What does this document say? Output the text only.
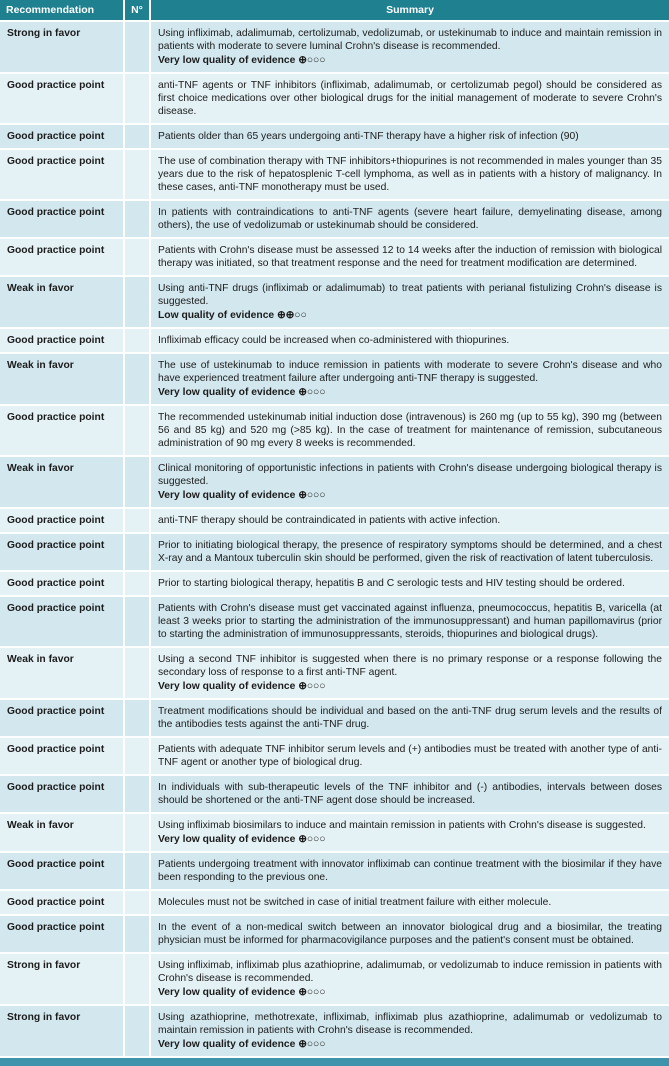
Recommendation	N°	Summary
Strong in favor		Using infliximab, adalimumab, certolizumab, vedolizumab, or ustekinumab to induce and maintain remission in patients with moderate to severe luminal Crohn's disease is recommended.
Very low quality of evidence ⊕○○○

Good practice point		anti-TNF agents or TNF inhibitors (infliximab, adalimumab, or certolizumab pegol) should be considered as first choice medications over other biological drugs for the initial management of moderate to severe Crohn's disease.

Good practice point		Patients older than 65 years undergoing anti-TNF therapy have a higher risk of infection (90)

Good practice point		The use of combination therapy with TNF inhibitors+thiopurines is not recommended in males younger than 35 years due to the risk of hepatosplenic T-cell lymphoma, as well as in patients with a history of malignancy. In these cases, anti-TNF monotherapy must be used.

Good practice point		In patients with contraindications to anti-TNF agents (severe heart failure, demyelinating disease, among others), the use of vedolizumab or ustekinumab should be considered.

Good practice point		Patients with Crohn's disease must be assessed 12 to 14 weeks after the induction of remission with biological therapy was initiated, so that treatment response and the need for treatment modification are determined.

Weak in favor		Using anti-TNF drugs (infliximab or adalimumab) to treat patients with perianal fistulizing Crohn's disease is suggested.
Low quality of evidence ⊕⊕○○

Good practice point		Infliximab efficacy could be increased when co-administered with thiopurines.

Weak in favor		The use of ustekinumab to induce remission in patients with moderate to severe Crohn's disease and who have experienced treatment failure after undergoing anti-TNF therapy is suggested.
Very low quality of evidence ⊕○○○

Good practice point		The recommended ustekinumab initial induction dose (intravenous) is 260 mg (up to 55 kg), 390 mg (between 56 and 85 kg) and 520 mg (>85 kg). In the case of treatment for maintenance of remission, subcutaneous administration of 90 mg every 8 weeks is recommended.

Weak in favor		Clinical monitoring of opportunistic infections in patients with Crohn's disease undergoing biological therapy is suggested.
Very low quality of evidence ⊕○○○

Good practice point		anti-TNF therapy should be contraindicated in patients with active infection.

Good practice point		Prior to initiating biological therapy, the presence of respiratory symptoms should be determined, and a chest X-ray and a Mantoux tuberculin skin should be performed, given the risk of reactivation of latent tuberculosis.

Good practice point		Prior to starting biological therapy, hepatitis B and C serologic tests and HIV testing should be ordered.

Good practice point		Patients with Crohn's disease must get vaccinated against influenza, pneumococcus, hepatitis B, varicella (at least 3 weeks prior to starting the administration of the immunosuppressant) and human papillomavirus (prior to starting the administration of immunosuppressants, steroids, thiopurines and biological drugs).

Weak in favor		Using a second TNF inhibitor is suggested when there is no primary response or a response following the secondary loss of response to a first anti-TNF agent.
Very low quality of evidence ⊕○○○

Good practice point		Treatment modifications should be individual and based on the anti-TNF drug serum levels and the results of the antibodies tests against the anti-TNF drug.

Good practice point		Patients with adequate TNF inhibitor serum levels and (+) antibodies must be treated with another type of anti-TNF agent or another type of biological drug.

Good practice point		In individuals with sub-therapeutic levels of the TNF inhibitor and (-) antibodies, intervals between doses should be shortened or the anti-TNF agent dose should be increased.

Weak in favor		Using infliximab biosimilars to induce and maintain remission in patients with Crohn's disease is suggested.
Very low quality of evidence ⊕○○○

Good practice point		Patients undergoing treatment with innovator infliximab can continue treatment with the biosimilar if they have been responding to the previous one.

Good practice point		Molecules must not be switched in case of initial treatment failure with either molecule.

Good practice point		In the event of a non-medical switch between an innovator biological drug and a biosimilar, the treating physician must be informed for pharmacovigilance purposes and the patient's consent must be obtained.

Strong in favor		Using infliximab, infliximab plus azathioprine, adalimumab, or vedolizumab to induce remission in patients with Crohn's disease is recommended.
Very low quality of evidence ⊕○○○

Strong in favor		Using azathioprine, methotrexate, infliximab, infliximab plus azathioprine, adalimumab or vedolizumab to maintain remission in patients with Crohn's disease is recommended.
Very low quality of evidence ⊕○○○
